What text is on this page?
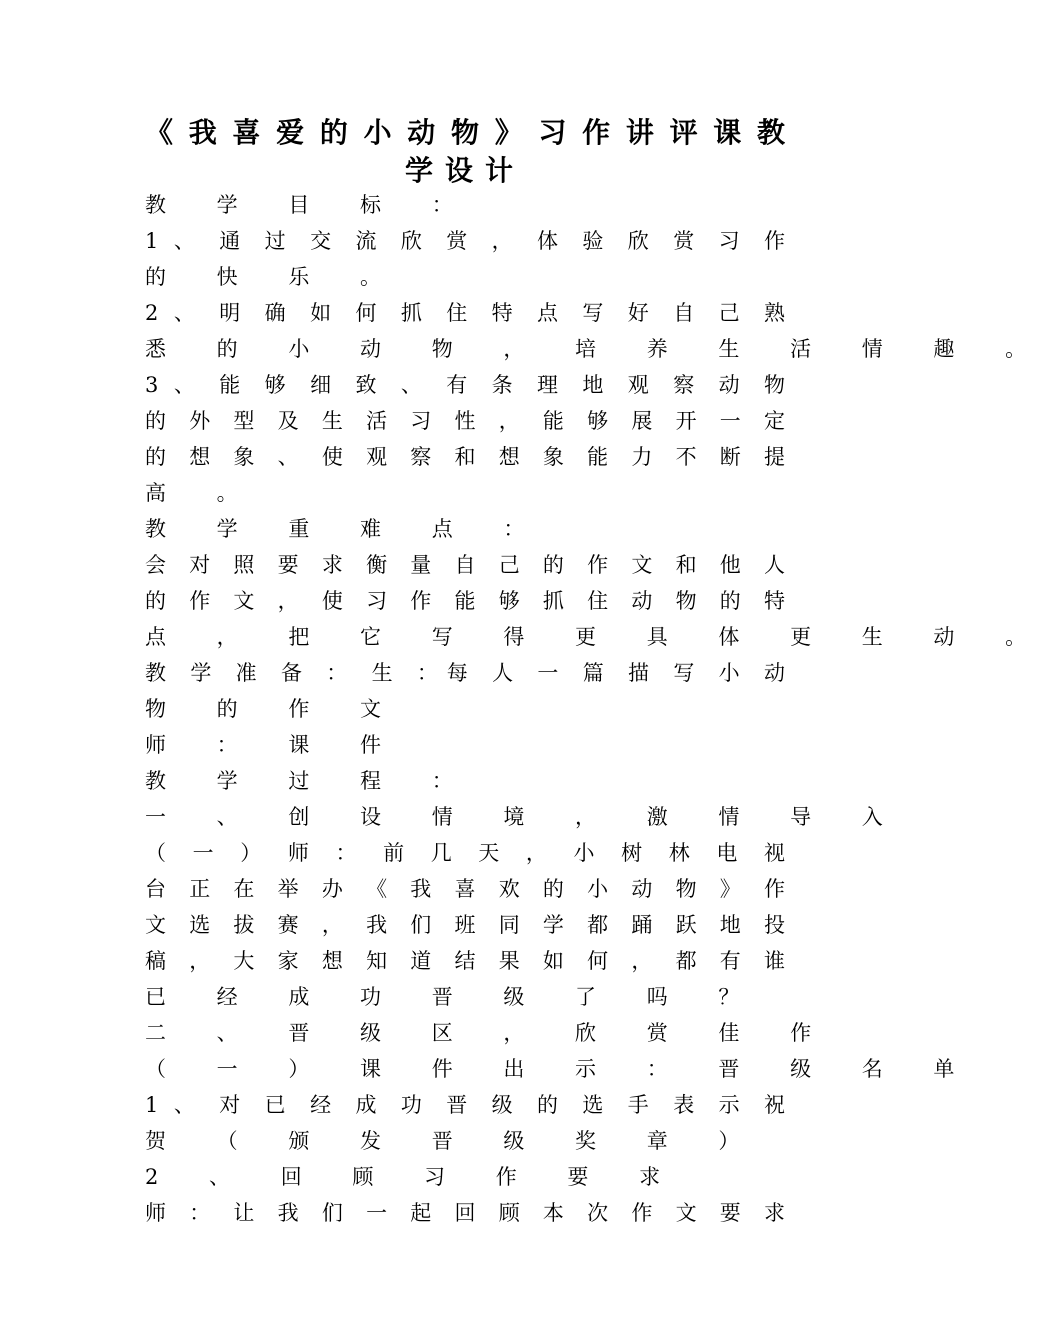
《 我 喜 爱 的 小 动 物 》 习 作 讲 评 课 教
学设计
教 学 目 标 ：
1 、 通 过 交 流 欣 赏 ， 体 验 欣 赏 习 作
的 快 乐 。
2 、 明 确 如 何 抓 住 特 点 写 好 自 己 熟
悉 的 小 动 物 ， 培 养 生 活 情 趣 。
3 、 能 够 细 致 、 有 条 理 地 观 察 动 物
的 外 型 及 生 活 习 性 ， 能 够 展 开 一 定
的 想 象 、 使 观 察 和 想 象 能 力 不 断 提
高 。
教 学 重 难 点 ：
会 对 照 要 求 衡 量 自 己 的 作 文 和 他 人
的 作 文 ， 使 习 作 能 够 抓 住 动 物 的 特
点 ， 把 它 写 得 更 具 体 更 生 动 。
教 学 准 备 ： 生 ：每 人 一 篇 描 写 小 动
物 的 作 文
师 ： 课 件
教 学 过 程 ：
一 、 创 设 情 境 ， 激 情 导 入
（ 一 ） 师 ： 前 几 天 ， 小 树 林 电 视
台 正 在 举 办 《 我 喜 欢 的 小 动 物 》 作
文 选 拔 赛 ， 我 们 班 同 学 都 踊 跃 地 投
稿 ， 大 家 想 知 道 结 果 如 何 ， 都 有 谁
已 经 成 功 晋 级 了 吗 ？
二 、 晋 级 区 ， 欣 赏 佳 作
（ 一 ） 课 件 出 示 ： 晋 级 名 单
1 、 对 已 经 成 功 晋 级 的 选 手 表 示 祝
贺 （ 颁 发 晋 级 奖 章 ）
2 、 回 顾 习 作 要 求
师 ： 让 我 们 一 起 回 顾 本 次 作 文 要 求
